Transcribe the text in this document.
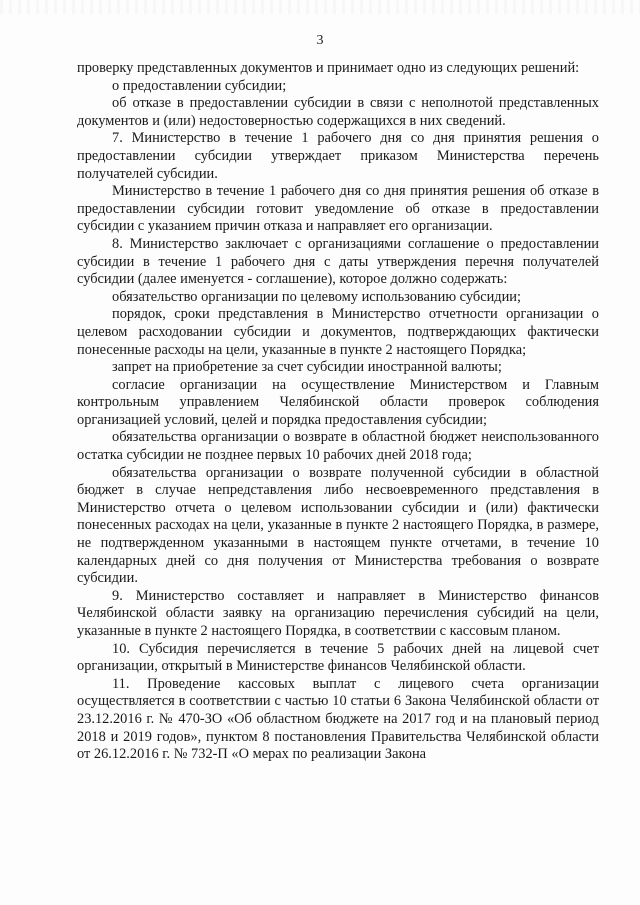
3

проверку представленных документов и принимает одно из следующих решений:

о предоставлении субсидии;

об отказе в предоставлении субсидии в связи с неполнотой представленных документов и (или) недостоверностью содержащихся в них сведений.

7. Министерство в течение 1 рабочего дня со дня принятия решения о предоставлении субсидии утверждает приказом Министерства перечень получателей субсидии.

Министерство в течение 1 рабочего дня со дня принятия решения об отказе в предоставлении субсидии готовит уведомление об отказе в предоставлении субсидии с указанием причин отказа и направляет его организации.

8. Министерство заключает с организациями соглашение о предоставлении субсидии в течение 1 рабочего дня с даты утверждения перечня получателей субсидии (далее именуется - соглашение), которое должно содержать:

обязательство организации по целевому использованию субсидии;

порядок, сроки представления в Министерство отчетности организации о целевом расходовании субсидии и документов, подтверждающих фактически понесенные расходы на цели, указанные в пункте 2 настоящего Порядка;

запрет на приобретение за счет субсидии иностранной валюты;

согласие организации на осуществление Министерством и Главным контрольным управлением Челябинской области проверок соблюдения организацией условий, целей и порядка предоставления субсидии;

обязательства организации о возврате в областной бюджет неиспользованного остатка субсидии не позднее первых 10 рабочих дней 2018 года;

обязательства организации о возврате полученной субсидии в областной бюджет в случае непредставления либо несвоевременного представления в Министерство отчета о целевом использовании субсидии и (или) фактически понесенных расходах на цели, указанные в пункте 2 настоящего Порядка, в размере, не подтвержденном указанными в настоящем пункте отчетами, в течение 10 календарных дней со дня получения от Министерства требования о возврате субсидии.

9. Министерство составляет и направляет в Министерство финансов Челябинской области заявку на организацию перечисления субсидий на цели, указанные в пункте 2 настоящего Порядка, в соответствии с кассовым планом.

10. Субсидия перечисляется в течение 5 рабочих дней на лицевой счет организации, открытый в Министерстве финансов Челябинской области.

11. Проведение кассовых выплат с лицевого счета организации осуществляется в соответствии с частью 10 статьи 6 Закона Челябинской области от 23.12.2016 г. № 470-ЗО «Об областном бюджете на 2017 год и на плановый период 2018 и 2019 годов», пунктом 8 постановления Правительства Челябинской области от 26.12.2016 г. № 732-П «О мерах по реализации Закона
